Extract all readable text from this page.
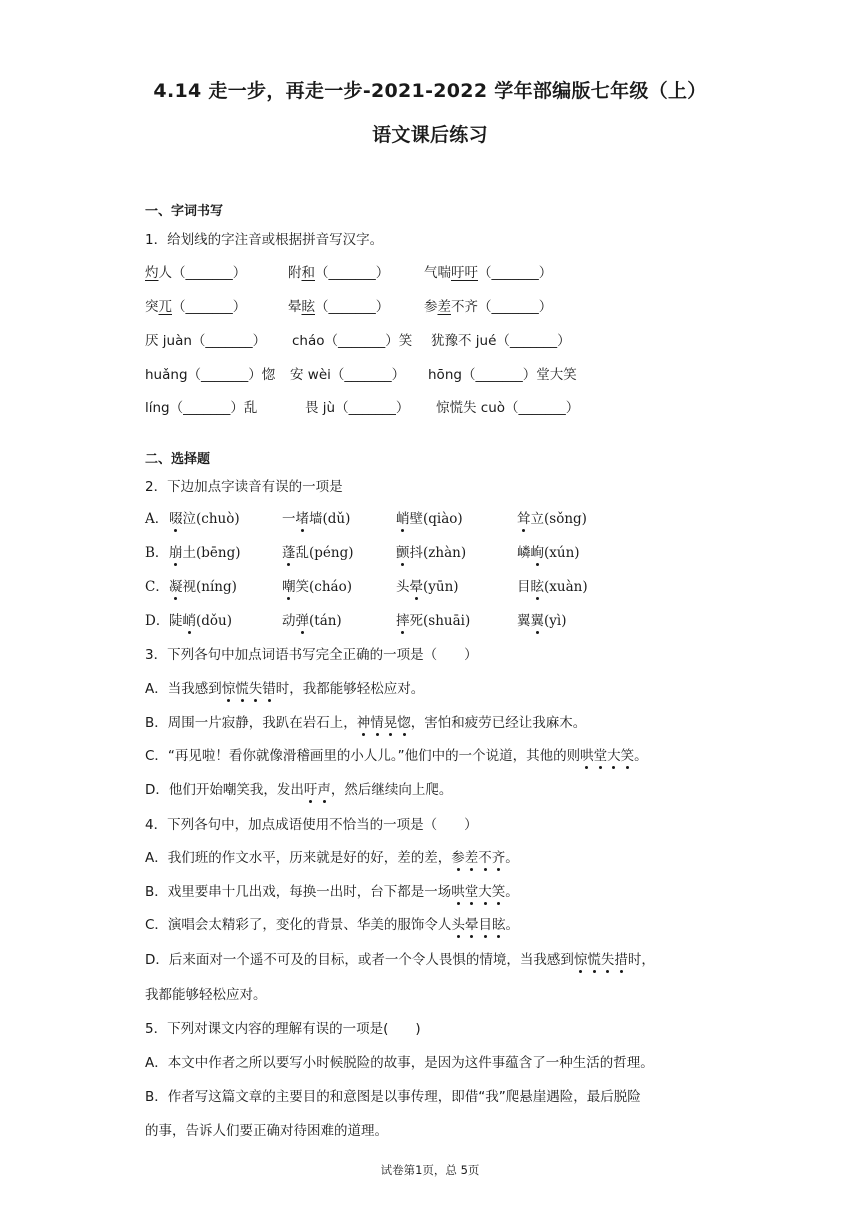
4.14 走一步，再走一步-2021-2022 学年部编版七年级（上）
语文课后练习
一、字词书写
1．给划线的字注音或根据拼音写汉字。
灼人（_______）	附和（_______）	气喘吁吁（_______）
突兀（_______）	晕眩（_______）	参差不齐（_______）
厌 juàn（_______） cháo（_______）笑 犹豫不 jué（_______）
huǎng（_______）惚 安 wèi（_______） hōng（_______）堂大笑
líng（_______）乱	畏 jù（_______） 惊慌失 cuò（_______）
二、选择题
2．下边加点字读音有误的一项是
A． 啜泣(chuò)	一堵墙(dǔ)	峭壁(qiào)	耸立(sǒng)
B． 崩土(bēng)	蓬乱(péng)	颤抖(zhàn)	嶙峋(xún)
C． 凝视(níng)	嘲笑(cháo)	头晕(yūn)	目眩(xuàn)
D． 陡峭(dǒu)	动弹(tán)	摔死(shuāi)	翼翼(yì)
3．下列各句中加点词语书写完全正确的一项是（　　）
A．当我感到惊慌失错时，我都能够轻松应对。
B．周围一片寂静，我趴在岩石上，神情晃惚，害怕和疲劳已经让我麻木。
C．“再见啦！看你就像滑稽画里的小人儿。”他们中的一个说道，其他的则哄堂大笑。
D．他们开始嘲笑我，发出吁声，然后继续向上爬。
4．下列各句中，加点成语使用不恰当的一项是（　　）
A．我们班的作文水平，历来就是好的好，差的差，参差不齐。
B．戏里要串十几出戏，每换一出时，台下都是一场哄堂大笑。
C．演唱会太精彩了，变化的背景、华美的服饰令人头晕目眩。
D．后来面对一个遥不可及的目标，或者一个令人畏惧的情境，当我感到惊慌失措时，
我都能够轻松应对。
5．下列对课文内容的理解有误的一项是(　　)
A．本文中作者之所以要写小时候脱险的故事，是因为这件事蕴含了一种生活的哲理。
B．作者写这篇文章的主要目的和意图是以事传理，即借“我”爬悬崖遇险，最后脱险
的事，告诉人们要正确对待困难的道理。
试卷第1页，总 5页
